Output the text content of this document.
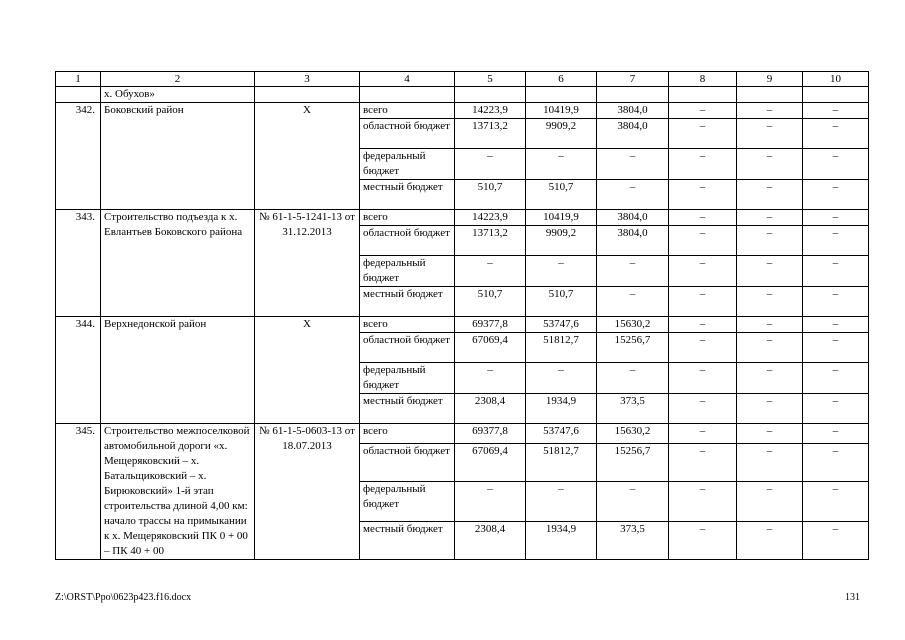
1	2	3	4	5	6	7	8	9	10
	х. Обухов»								
342.	Боковский район	Х	всего	14223,9	10419,9	3804,0	–	–	–
			областной бюджет	13713,2	9909,2	3804,0	–	–	–
			федеральный бюджет	–	–	–	–	–	–
			местный бюджет	510,7	510,7	–	–	–	–
343.	Строительство подъезда к х. Евлантьев Боковского района	№ 61-1-5-1241-13 от 31.12.2013	всего	14223,9	10419,9	3804,0	–	–	–
			областной бюджет	13713,2	9909,2	3804,0	–	–	–
			федеральный бюджет	–	–	–	–	–	–
			местный бюджет	510,7	510,7	–	–	–	–
344.	Верхнедонской район	Х	всего	69377,8	53747,6	15630,2	–	–	–
			областной бюджет	67069,4	51812,7	15256,7	–	–	–
			федеральный бюджет	–	–	–	–	–	–
			местный бюджет	2308,4	1934,9	373,5	–	–	–
345.	Строительство межпоселковой автомобильной дороги «х. Мещеряковский – х. Батальщиковский – х. Бирюковский» 1-й этап строительства длиной 4,00 км: начало трассы на примыкании к х. Мещеряковский ПК 0 + 00 – ПК 40 + 00	№ 61-1-5-0603-13 от 18.07.2013	всего	69377,8	53747,6	15630,2	–	–	–
			областной бюджет	67069,4	51812,7	15256,7	–	–	–
			федеральный бюджет	–	–	–	–	–	–
			местный бюджет	2308,4	1934,9	373,5	–	–	–
Z:\ORST\Ppo\0623p423.f16.docx	131
